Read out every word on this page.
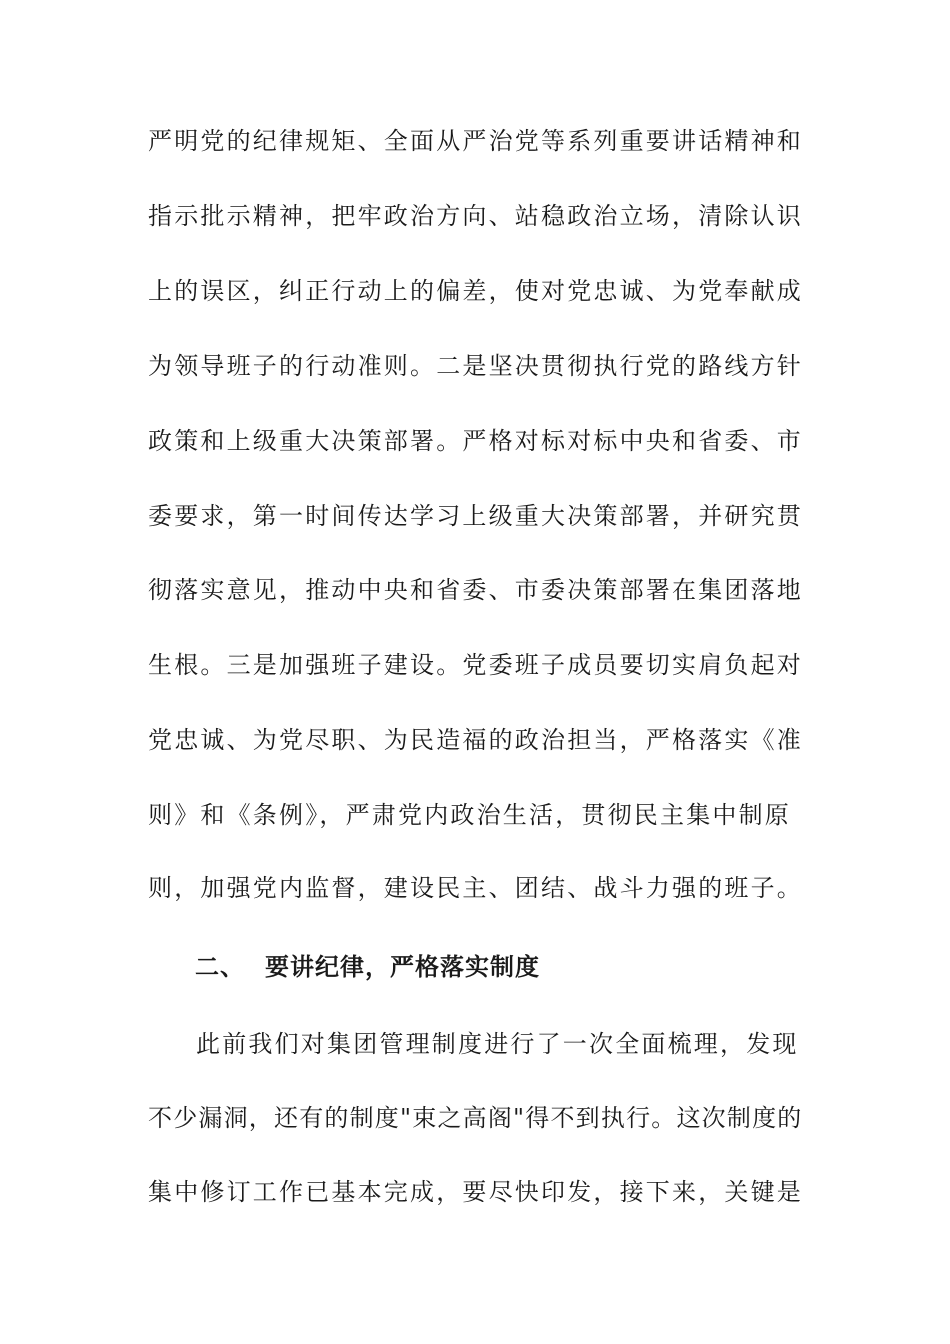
严明党的纪律规矩、全面从严治党等系列重要讲话精神和
指示批示精神，把牢政治方向、站稳政治立场，清除认识
上的误区，纠正行动上的偏差，使对党忠诚、为党奉献成
为领导班子的行动准则。二是坚决贯彻执行党的路线方针
政策和上级重大决策部署。严格对标对标中央和省委、市
委要求，第一时间传达学习上级重大决策部署，并研究贯
彻落实意见，推动中央和省委、市委决策部署在集团落地
生根。三是加强班子建设。党委班子成员要切实肩负起对
党忠诚、为党尽职、为民造福的政治担当，严格落实《准
则》和《条例》，严肃党内政治生活，贯彻民主集中制原
则，加强党内监督，建设民主、团结、战斗力强的班子。
二、 要讲纪律，严格落实制度
此前我们对集团管理制度进行了一次全面梳理，发现
不少漏洞，还有的制度"束之高阁"得不到执行。这次制度的
集中修订工作已基本完成，要尽快印发，接下来，关键是
